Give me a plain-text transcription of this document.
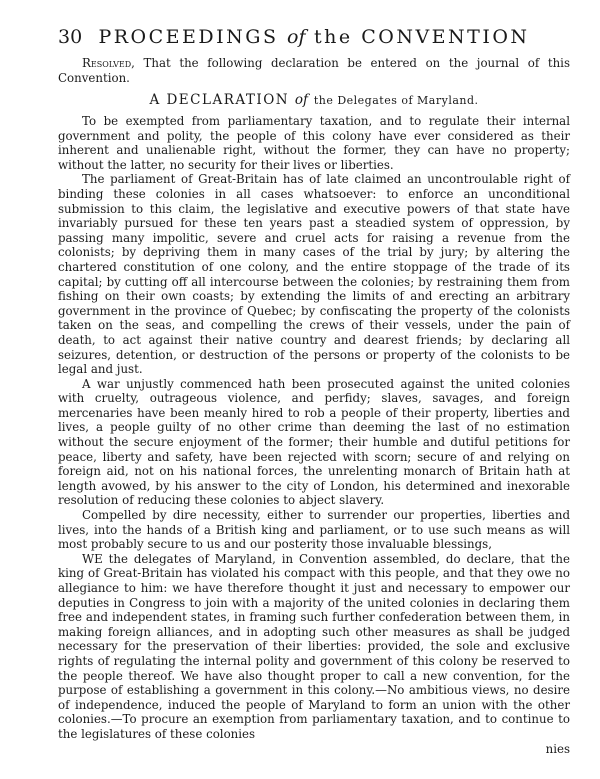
30 PROCEEDINGS of the CONVENTION
Resolved, That the following declaration be entered on the journal of this Convention.
A DECLARATION of the Delegates of Maryland.

To be exempted from parliamentary taxation, and to regulate their internal government and polity, the people of this colony have ever considered as their inherent and unalienable right, without the former, they can have no property; without the latter, no security for their lives or liberties.

The parliament of Great-Britain has of late claimed an uncontroulable right of binding these colonies in all cases whatsoever: to enforce an unconditional submission to this claim, the legislative and executive powers of that state have invariably pursued for these ten years past a steadied system of oppression, by passing many impolitic, severe and cruel acts for raising a revenue from the colonists; by depriving them in many cases of the trial by jury; by altering the chartered constitution of one colony, and the entire stoppage of the trade of its capital; by cutting off all intercourse between the colonies; by restraining them from fishing on their own coasts; by extending the limits of and erecting an arbitrary government in the province of Quebec; by confiscating the property of the colonists taken on the seas, and compelling the crews of their vessels, under the pain of death, to act against their native country and dearest friends; by declaring all seizures, detention, or destruction of the persons or property of the colonists to be legal and just.

A war unjustly commenced hath been prosecuted against the united colonies with cruelty, outrageous violence, and perfidy; slaves, savages, and foreign mercenaries have been meanly hired to rob a people of their property, liberties and lives, a people guilty of no other crime than deeming the last of no estimation without the secure enjoyment of the former; their humble and dutiful petitions for peace, liberty and safety, have been rejected with scorn; secure of and relying on foreign aid, not on his national forces, the unrelenting monarch of Britain hath at length avowed, by his answer to the city of London, his determined and inexorable resolution of reducing these colonies to abject slavery.

Compelled by dire necessity, either to surrender our properties, liberties and lives, into the hands of a British king and parliament, or to use such means as will most probably secure to us and our posterity those invaluable blessings,

WE the delegates of Maryland, in Convention assembled, do declare, that the king of Great-Britain has violated his compact with this people, and that they owe no allegiance to him: we have therefore thought it just and necessary to empower our deputies in Congress to join with a majority of the united colonies in declaring them free and independent states, in framing such further confederation between them, in making foreign alliances, and in adopting such other measures as shall be judged necessary for the preservation of their liberties: provided, the sole and exclusive rights of regulating the internal polity and government of this colony be reserved to the people thereof. We have also thought proper to call a new convention, for the purpose of establishing a government in this colony.—No ambitious views, no desire of independence, induced the people of Maryland to form an union with the other colonies.—To procure an exemption from parliamentary taxation, and to continue to the legislatures of these colonies

nies
